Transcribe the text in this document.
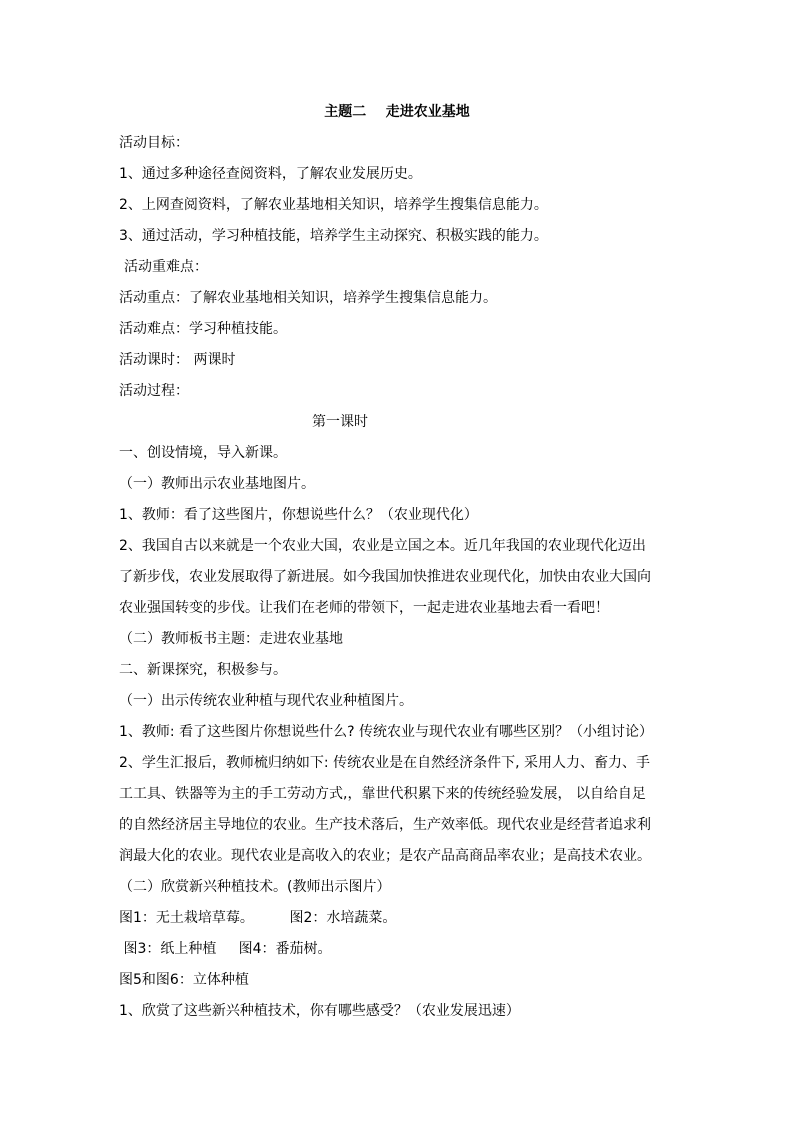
主题二    走进农业基地
活动目标：
1、通过多种途径查阅资料，了解农业发展历史。
2、上网查阅资料，了解农业基地相关知识，培养学生搜集信息能力。
3、通过活动，学习种植技能，培养学生主动探究、积极实践的能力。
活动重难点：
活动重点：了解农业基地相关知识，培养学生搜集信息能力。
活动难点：学习种植技能。
活动课时： 两课时
活动过程：
第一课时
一、创设情境，导入新课。
（一）教师出示农业基地图片。
1、教师：看了这些图片，你想说些什么？（农业现代化）
2、我国自古以来就是一个农业大国，农业是立国之本。近几年我国的农业现代化迈出
了新步伐，农业发展取得了新进展。如今我国加快推进农业现代化，加快由农业大国向
农业强国转变的步伐。让我们在老师的带领下，一起走进农业基地去看一看吧！
（二）教师板书主题：走进农业基地
二、新课探究，积极参与。
（一）出示传统农业种植与现代农业种植图片。
1、教师: 看了这些图片你想说些什么? 传统农业与现代农业有哪些区别？（小组讨论）
2、学生汇报后，教师梳归纳如下: 传统农业是在自然经济条件下, 采用人力、畜力、手
工工具、铁器等为主的手工劳动方式,，靠世代积累下来的传统经验发展， 以自给自足
的自然经济居主导地位的农业。生产技术落后，生产效率低。现代农业是经营者追求利
润最大化的农业。现代农业是高收入的农业；是农产品高商品率农业；是高技术农业。
（二）欣赏新兴种植技术。(教师出示图片）
图1：无土栽培草莓。        图2：水培蔬菜。
图3：纸上种植     图4：番茄树。
图5和图6：立体种植
1、欣赏了这些新兴种植技术，你有哪些感受？（农业发展迅速）
